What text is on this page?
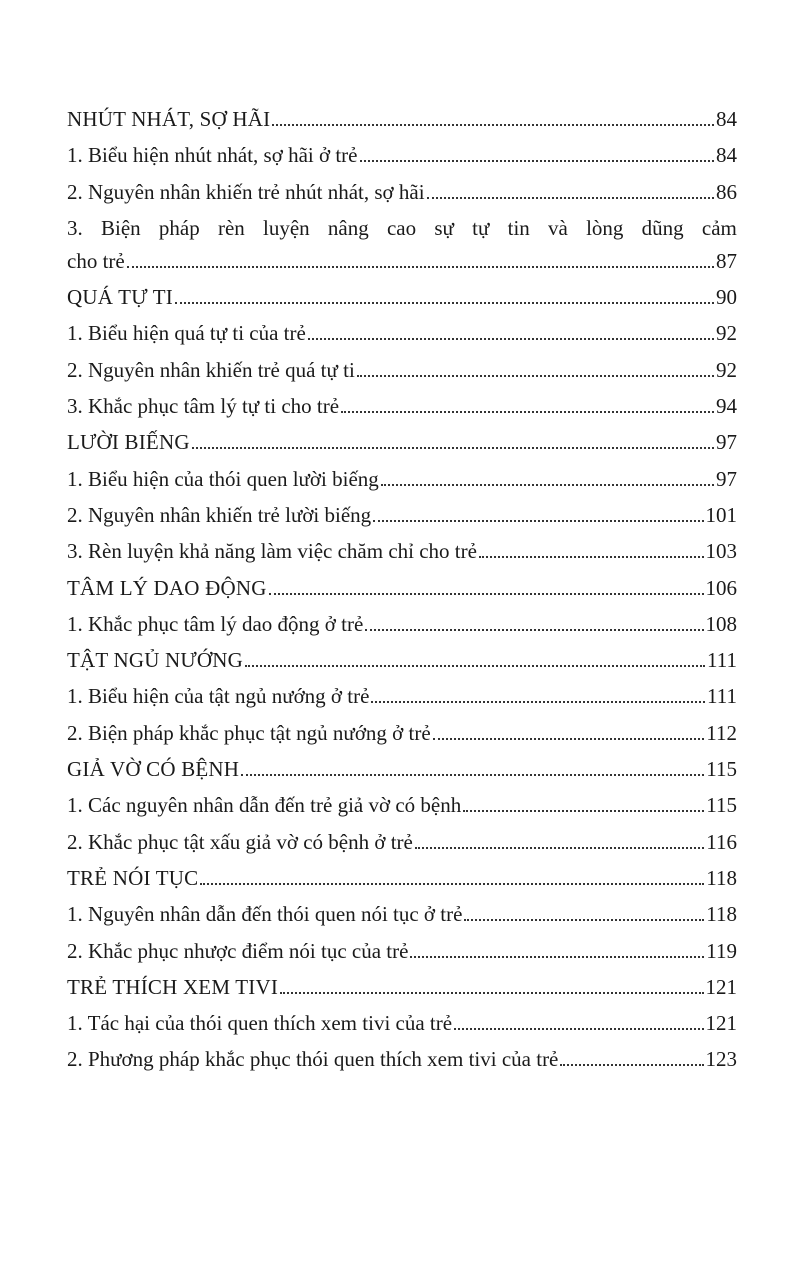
NHÚT NHÁT, SỢ HÃI	84
1. Biểu hiện nhút nhát, sợ hãi ở trẻ	84
2. Nguyên nhân khiến trẻ nhút nhát, sợ hãi	86
3. Biện pháp rèn luyện nâng cao sự tự tin và lòng dũng cảm
cho trẻ	87
QUÁ TỰ TI	90
1. Biểu hiện quá tự ti của trẻ	92
2. Nguyên nhân khiến trẻ quá tự ti	92
3. Khắc phục tâm lý tự ti cho trẻ	94
LƯỜI BIẾNG	97
1. Biểu hiện của thói quen lười biếng	97
2. Nguyên nhân khiến trẻ lười biếng	101
3. Rèn luyện khả năng làm việc chăm chỉ cho trẻ	103
TÂM LÝ DAO ĐỘNG	106
1. Khắc phục tâm lý dao động ở trẻ	108
TẬT NGỦ NƯỚNG	111
1. Biểu hiện của tật ngủ nướng ở trẻ	111
2. Biện pháp khắc phục tật ngủ nướng ở trẻ	112
GIẢ VỜ CÓ BỆNH	115
1. Các nguyên nhân dẫn đến trẻ giả vờ có bệnh	115
2. Khắc phục tật xấu giả vờ có bệnh ở trẻ	116
TRẺ NÓI TỤC	118
1. Nguyên nhân dẫn đến thói quen nói tục ở trẻ	118
2. Khắc phục nhược điểm nói tục của trẻ	119
TRẺ THÍCH XEM TIVI	121
1. Tác hại của thói quen thích xem tivi của trẻ	121
2. Phương pháp khắc phục thói quen thích xem tivi của trẻ	123
